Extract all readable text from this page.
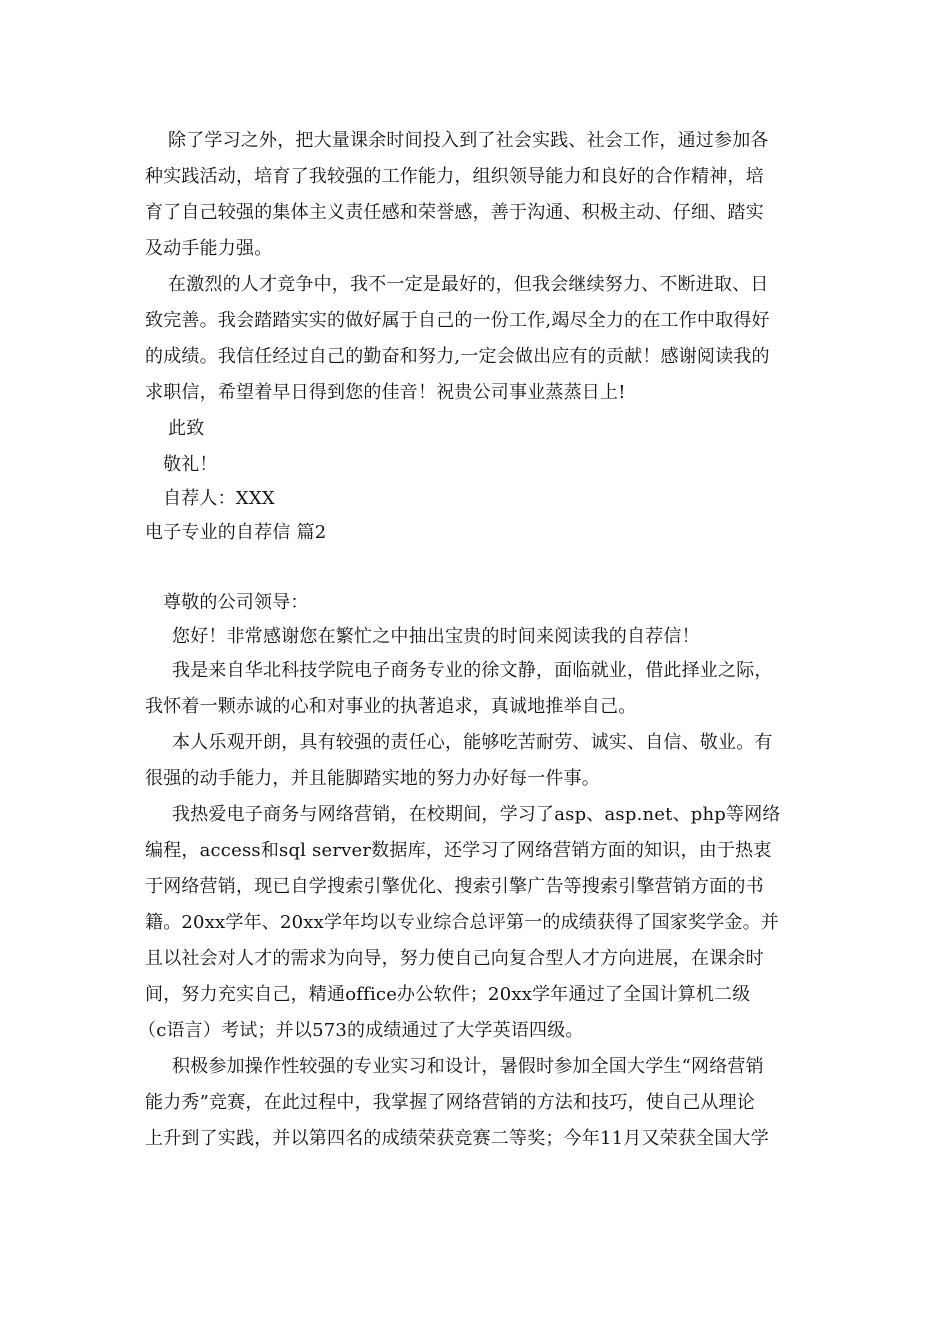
除了学习之外，把大量课余时间投入到了社会实践、社会工作，通过参加各
种实践活动，培育了我较强的工作能力，组织领导能力和良好的合作精神，培
育了自己较强的集体主义责任感和荣誉感，善于沟通、积极主动、仔细、踏实
及动手能力强。
在激烈的人才竞争中，我不一定是最好的，但我会继续努力、不断进取、日
致完善。我会踏踏实实的做好属于自己的一份工作,竭尽全力的在工作中取得好
的成绩。我信任经过自己的勤奋和努力,一定会做出应有的贡献！感谢阅读我的
求职信，希望着早日得到您的佳音！祝贵公司事业蒸蒸日上!
此致
敬礼！
自荐人：XXX
电子专业的自荐信 篇2
尊敬的公司领导：
您好！非常感谢您在繁忙之中抽出宝贵的时间来阅读我的自荐信！
我是来自华北科技学院电子商务专业的徐文静，面临就业，借此择业之际，
我怀着一颗赤诚的心和对事业的执著追求，真诚地推举自己。
本人乐观开朗，具有较强的责任心，能够吃苦耐劳、诚实、自信、敬业。有
很强的动手能力，并且能脚踏实地的努力办好每一件事。
我热爱电子商务与网络营销，在校期间，学习了asp、asp.net、php等网络
编程，access和sql server数据库，还学习了网络营销方面的知识，由于热衷
于网络营销，现已自学搜索引擎优化、搜索引擎广告等搜索引擎营销方面的书
籍。20xx学年、20xx学年均以专业综合总评第一的成绩获得了国家奖学金。并
且以社会对人才的需求为向导，努力使自己向复合型人才方向进展，在课余时
间，努力充实自己，精通office办公软件；20xx学年通过了全国计算机二级
（c语言）考试；并以573的成绩通过了大学英语四级。
积极参加操作性较强的专业实习和设计，暑假时参加全国大学生“网络营销
能力秀”竞赛，在此过程中，我掌握了网络营销的方法和技巧，使自己从理论
上升到了实践，并以第四名的成绩荣获竞赛二等奖；今年11月又荣获全国大学
